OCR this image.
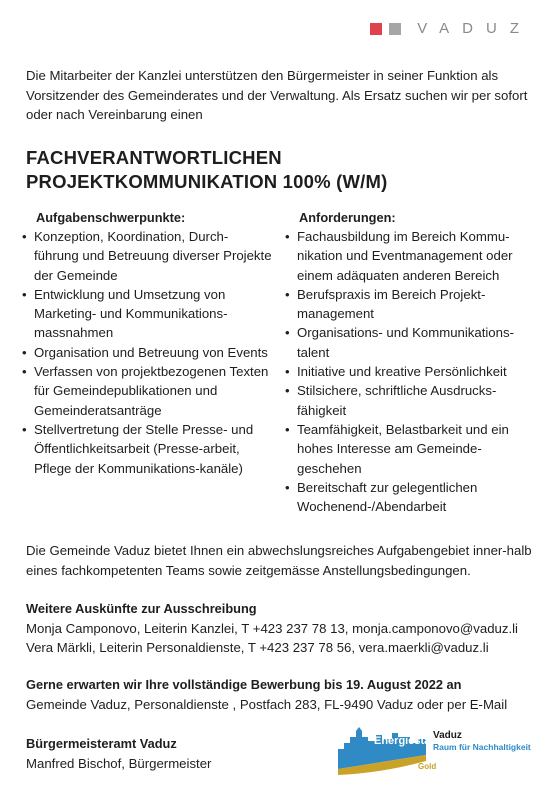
VADUZ

Die Mitarbeiter der Kanzlei unterstützen den Bürgermeister in seiner Funktion als Vorsitzender des Gemeinderates und der Verwaltung. Als Ersatz suchen wir per sofort oder nach Vereinbarung einen

FACHVERANTWORTLICHEN
PROJEKTKOMMUNIKATION 100% (W/M)
Aufgabenschwerpunkte:
• Konzeption, Koordination, Durch-führung und Betreuung diverser Projekte der Gemeinde
• Entwicklung und Umsetzung von Marketing- und Kommunikations-massnahmen
• Organisation und Betreuung von Events
• Verfassen von projektbezogenen Texten für Gemeindepublikationen und Gemeinderatsanträge
• Stellvertretung der Stelle Presse- und Öffentlichkeitsarbeit (Presse-arbeit, Pflege der Kommunikations-kanäle)
Anforderungen:
• Fachausbildung im Bereich Kommu-nikation und Eventmanagement oder einem adäquaten anderen Bereich
• Berufspraxis im Bereich Projekt-management
• Organisations- und Kommunikations-talent
• Initiative und kreative Persönlichkeit
• Stilsichere, schriftliche Ausdrucks-fähigkeit
• Teamfähigkeit, Belastbarkeit und ein hohes Interesse am Gemeinde-geschehen
• Bereitschaft zur gelegentlichen Wochenend-/Abendarbeit

Die Gemeinde Vaduz bietet Ihnen ein abwechslungsreiches Aufgabengebiet inner-halb eines fachkompetenten Teams sowie zeitgemässe Anstellungsbedingungen.

Weitere Auskünfte zur Ausschreibung
Monja Camponovo, Leiterin Kanzlei, T +423 237 78 13, monja.camponovo@vaduz.li
Vera Märkli, Leiterin Personaldienste, T +423 237 78 56, vera.maerkli@vaduz.li
Gerne erwarten wir Ihre vollständige Bewerbung bis 19. August 2022 an
Gemeinde Vaduz, Personaldienste , Postfach 283, FL-9490 Vaduz oder per E-Mail
Bürgermeisteramt Vaduz
Manfred Bischof, Bürgermeister
Energiestadt
Vaduz
Raum für Nachhaltigkeit
Gold
